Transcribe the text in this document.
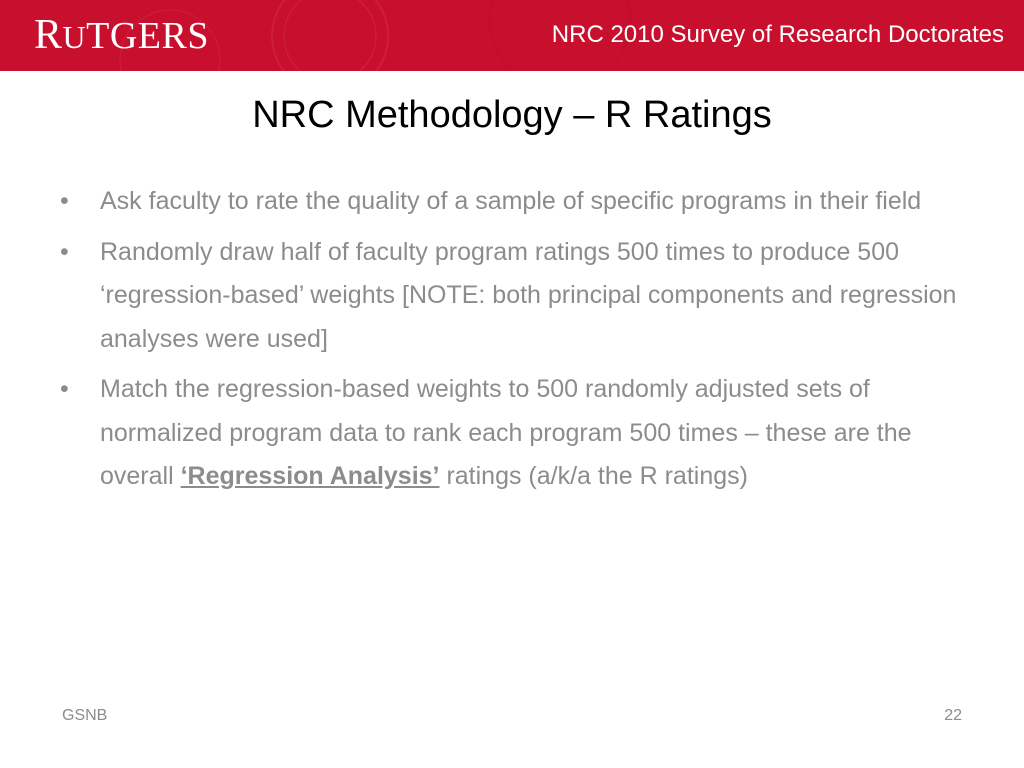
RUTGERS	NRC 2010 Survey of Research Doctorates
NRC Methodology – R Ratings
• Ask faculty to rate the quality of a sample of specific programs in their field
• Randomly draw half of faculty program ratings 500 times to produce 500 ‘regression-based’ weights [NOTE: both principal components and regression analyses were used]
• Match the regression-based weights to 500 randomly adjusted sets of normalized program data to rank each program 500 times – these are the overall ‘Regression Analysis’ ratings (a/k/a the R ratings)
GSNB	22
